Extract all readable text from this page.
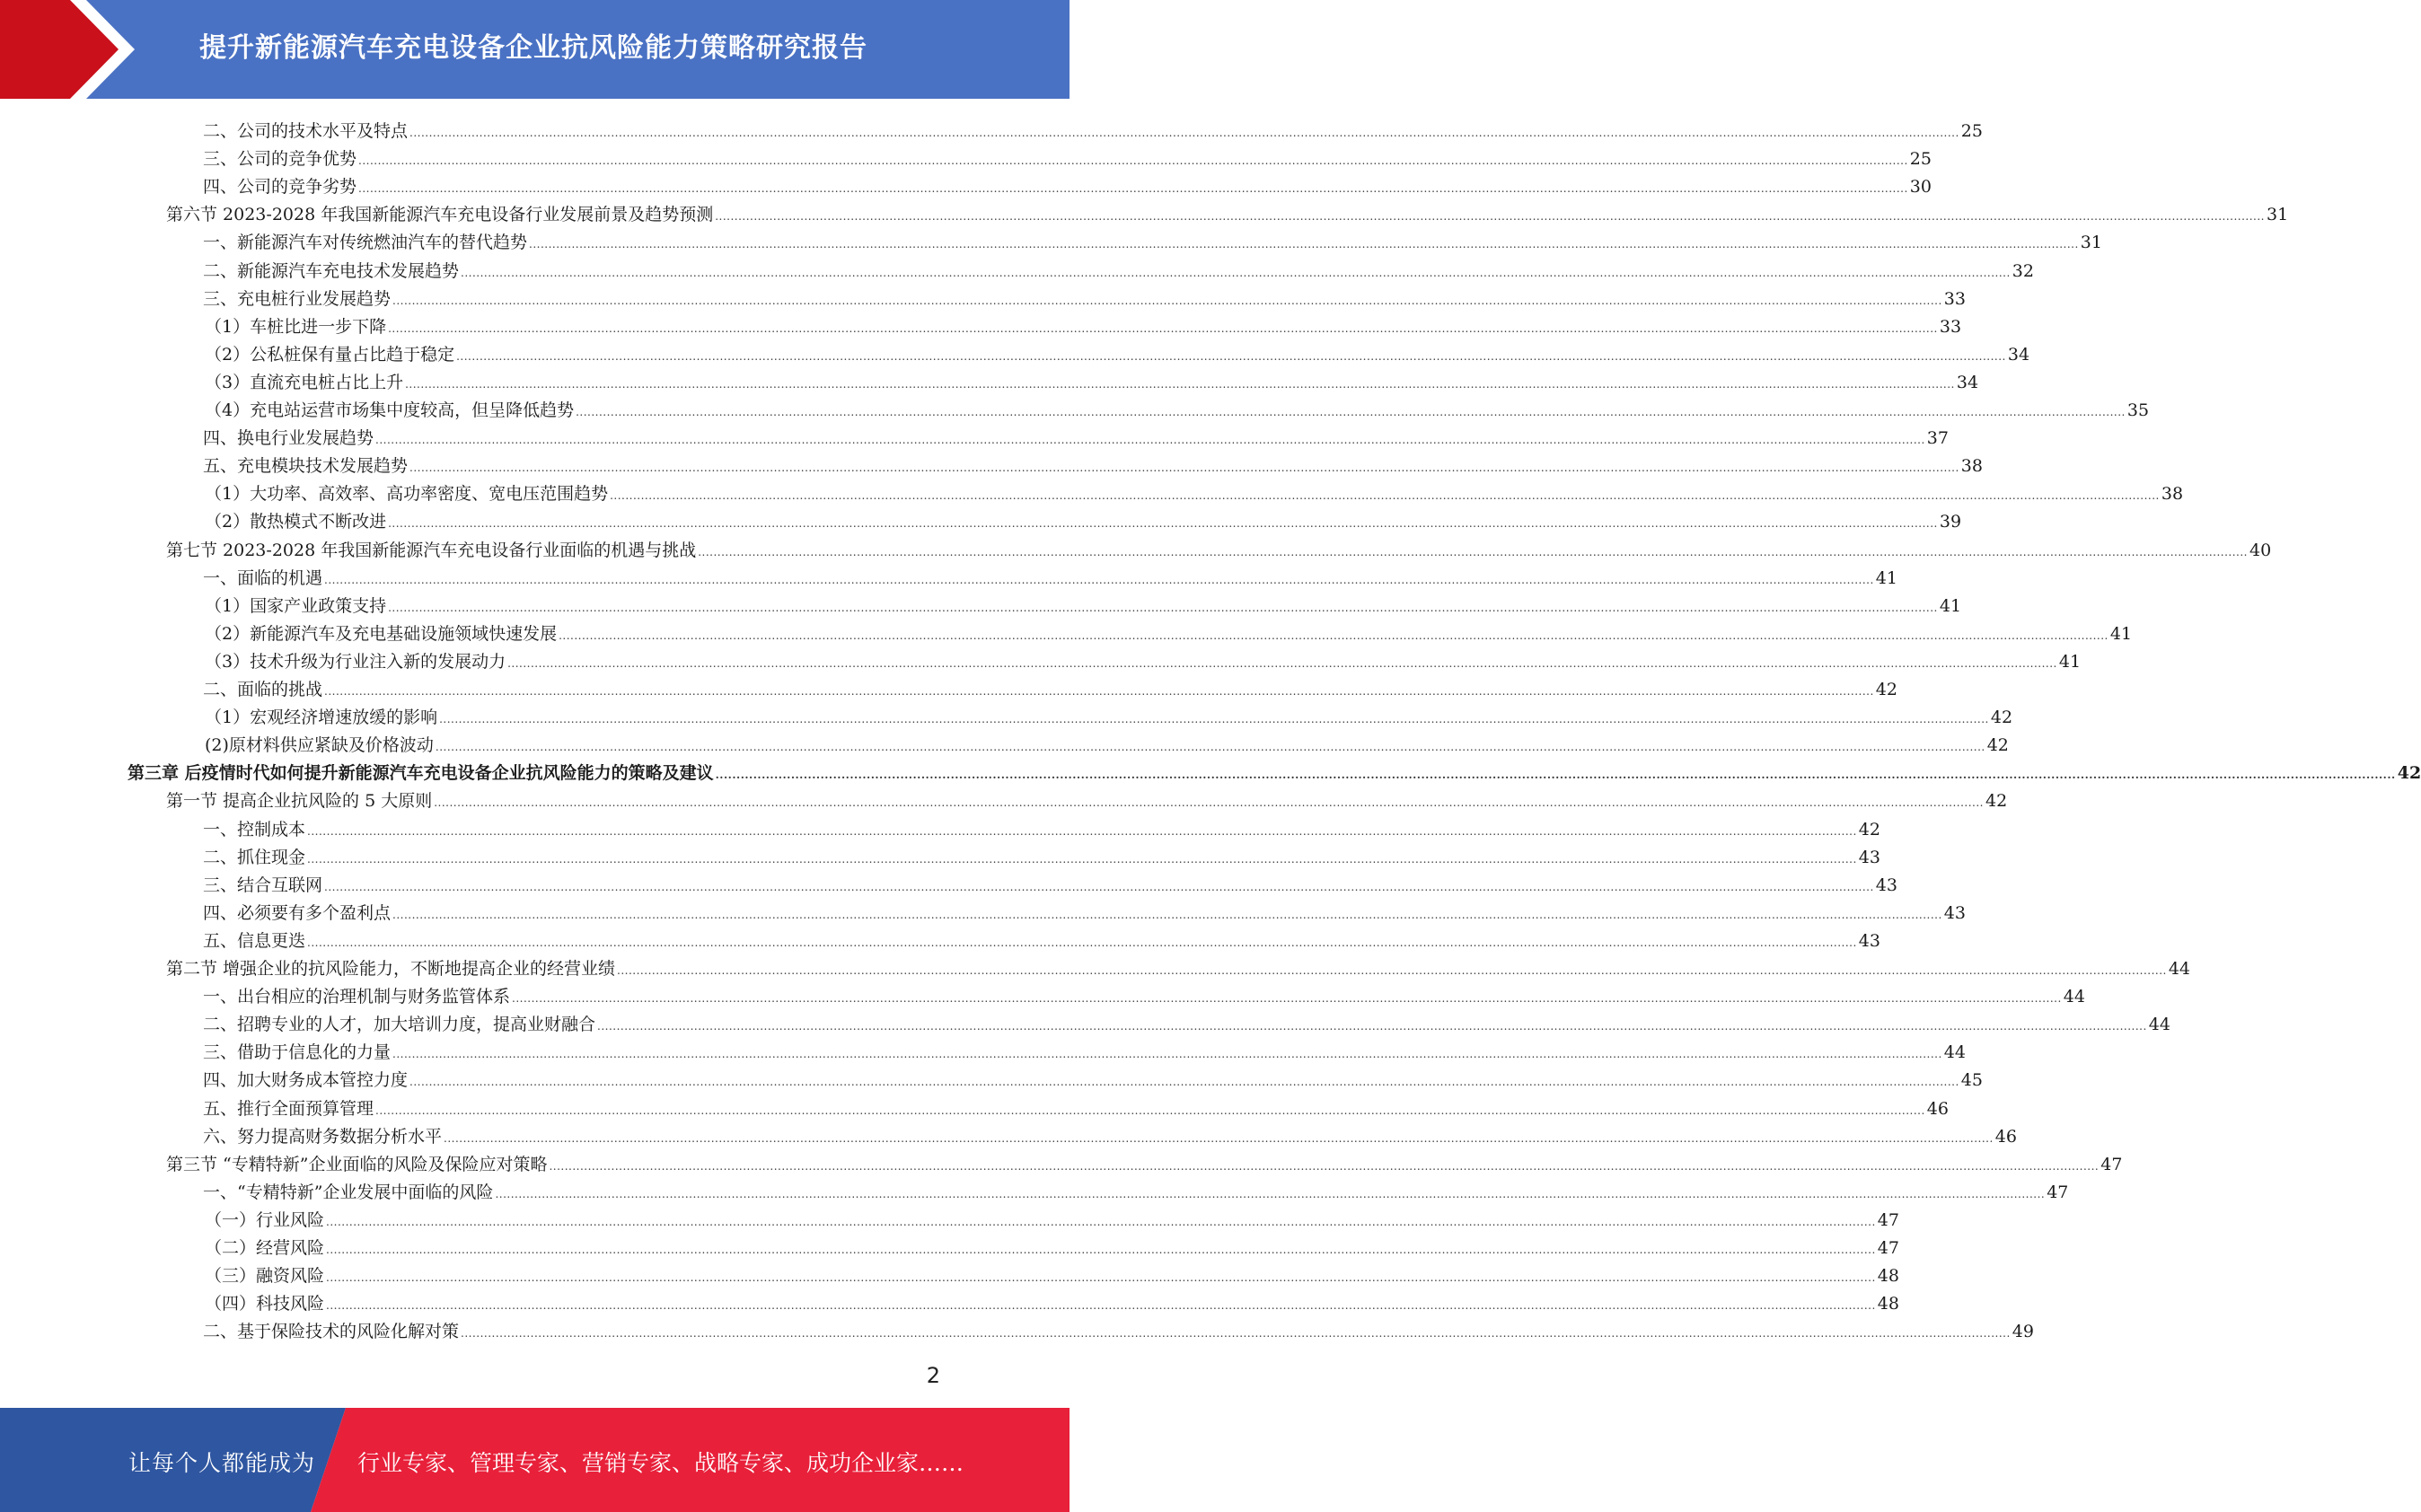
提升新能源汽车充电设备企业抗风险能力策略研究报告
二、公司的技术水平及特点 ................................................................................................................................................................................................................................................................................................................................................................................................................ 25
三、公司的竞争优势 ................................................................................................................................................................................................................................................................................................................................................................................................................ 25
四、公司的竞争劣势 ................................................................................................................................................................................................................................................................................................................................................................................................................ 30
第六节 2023-2028 年我国新能源汽车充电设备行业发展前景及趋势预测 ................................................................................................................................................................................................................................................................................................................................................................................................................ 31
一、新能源汽车对传统燃油汽车的替代趋势 ................................................................................................................................................................................................................................................................................................................................................................................................................ 31
二、新能源汽车充电技术发展趋势 ................................................................................................................................................................................................................................................................................................................................................................................................................ 32
三、充电桩行业发展趋势 ................................................................................................................................................................................................................................................................................................................................................................................................................ 33
（1）车桩比进一步下降 ................................................................................................................................................................................................................................................................................................................................................................................................................ 33
（2）公私桩保有量占比趋于稳定 ................................................................................................................................................................................................................................................................................................................................................................................................................ 34
（3）直流充电桩占比上升 ................................................................................................................................................................................................................................................................................................................................................................................................................ 34
（4）充电站运营市场集中度较高，但呈降低趋势 ................................................................................................................................................................................................................................................................................................................................................................................................................ 35
四、换电行业发展趋势 ................................................................................................................................................................................................................................................................................................................................................................................................................ 37
五、充电模块技术发展趋势 ................................................................................................................................................................................................................................................................................................................................................................................................................ 38
（1）大功率、高效率、高功率密度、宽电压范围趋势 ................................................................................................................................................................................................................................................................................................................................................................................................................ 38
（2）散热模式不断改进 ................................................................................................................................................................................................................................................................................................................................................................................................................ 39
第七节 2023-2028 年我国新能源汽车充电设备行业面临的机遇与挑战 ................................................................................................................................................................................................................................................................................................................................................................................................................ 40
一、面临的机遇 ................................................................................................................................................................................................................................................................................................................................................................................................................ 41
（1）国家产业政策支持 ................................................................................................................................................................................................................................................................................................................................................................................................................ 41
（2）新能源汽车及充电基础设施领域快速发展 ................................................................................................................................................................................................................................................................................................................................................................................................................ 41
（3）技术升级为行业注入新的发展动力 ................................................................................................................................................................................................................................................................................................................................................................................................................ 41
二、面临的挑战 ................................................................................................................................................................................................................................................................................................................................................................................................................ 42
（1）宏观经济增速放缓的影响 ................................................................................................................................................................................................................................................................................................................................................................................................................ 42
(2)原材料供应紧缺及价格波动 ................................................................................................................................................................................................................................................................................................................................................................................................................ 42
第三章 后疫情时代如何提升新能源汽车充电设备企业抗风险能力的策略及建议 ................................................................................................................................................................................................................................................................................................................................................................................................................ 42
第一节 提高企业抗风险的 5 大原则 ................................................................................................................................................................................................................................................................................................................................................................................................................ 42
一、控制成本 ................................................................................................................................................................................................................................................................................................................................................................................................................ 42
二、抓住现金 ................................................................................................................................................................................................................................................................................................................................................................................................................ 43
三、结合互联网 ................................................................................................................................................................................................................................................................................................................................................................................................................ 43
四、必须要有多个盈利点 ................................................................................................................................................................................................................................................................................................................................................................................................................ 43
五、信息更迭 ................................................................................................................................................................................................................................................................................................................................................................................................................ 43
第二节 增强企业的抗风险能力，不断地提高企业的经营业绩 ................................................................................................................................................................................................................................................................................................................................................................................................................ 44
一、出台相应的治理机制与财务监管体系 ................................................................................................................................................................................................................................................................................................................................................................................................................ 44
二、招聘专业的人才，加大培训力度，提高业财融合 ................................................................................................................................................................................................................................................................................................................................................................................................................ 44
三、借助于信息化的力量 ................................................................................................................................................................................................................................................................................................................................................................................................................ 44
四、加大财务成本管控力度 ................................................................................................................................................................................................................................................................................................................................................................................................................ 45
五、推行全面预算管理 ................................................................................................................................................................................................................................................................................................................................................................................................................ 46
六、努力提高财务数据分析水平 ................................................................................................................................................................................................................................................................................................................................................................................................................ 46
第三节 “专精特新”企业面临的风险及保险应对策略 ................................................................................................................................................................................................................................................................................................................................................................................................................ 47
一、“专精特新”企业发展中面临的风险 ................................................................................................................................................................................................................................................................................................................................................................................................................ 47
（一）行业风险 ................................................................................................................................................................................................................................................................................................................................................................................................................ 47
（二）经营风险 ................................................................................................................................................................................................................................................................................................................................................................................................................ 47
（三）融资风险 ................................................................................................................................................................................................................................................................................................................................................................................................................ 48
（四）科技风险 ................................................................................................................................................................................................................................................................................................................................................................................................................ 48
二、基于保险技术的风险化解对策 ................................................................................................................................................................................................................................................................................................................................................................................................................ 49
2
让每个人都能成为 行业专家、管理专家、营销专家、战略专家、成功企业家……
